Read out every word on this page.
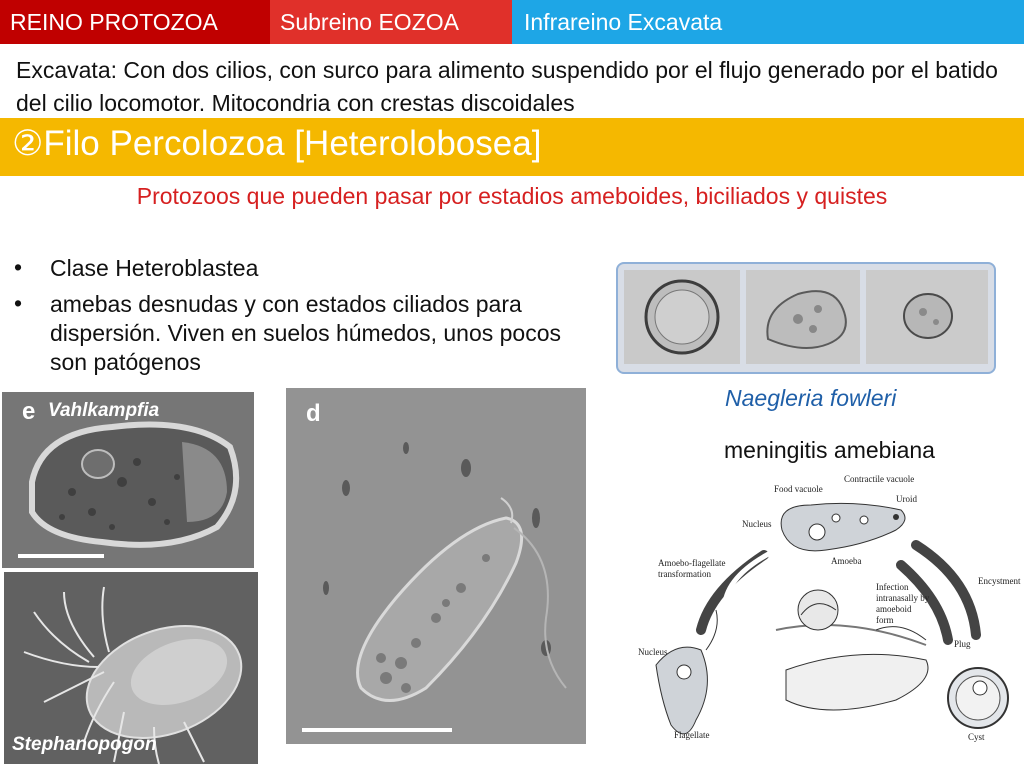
REINO PROTOZOA	Subreino EOZOA	Infrareino Excavata
Excavata: Con dos cilios, con surco para alimento suspendido por el flujo generado por el batido del cilio locomotor. Mitocondria con crestas discoidales
②Filo Percolozoa [Heterolobosea]
Protozoos que pueden pasar por estadios ameboides, biciliados y quistes
• Clase Heteroblastea
• amebas desnudas y con estados ciliados para dispersión. Viven en suelos húmedos, unos pocos son patógenos
e Vahlkampfia
Stephanopogon
d
Naegleria fowleri
meningitis amebiana
Food vacuole
Contractile vacuole
Uroid
Nucleus
Amoeba
Amoebo-flagellate
transformation
Encystment
Infection
intranasally by
amoeboid
form
Nucleus
Flagellate
Plug
Cyst
